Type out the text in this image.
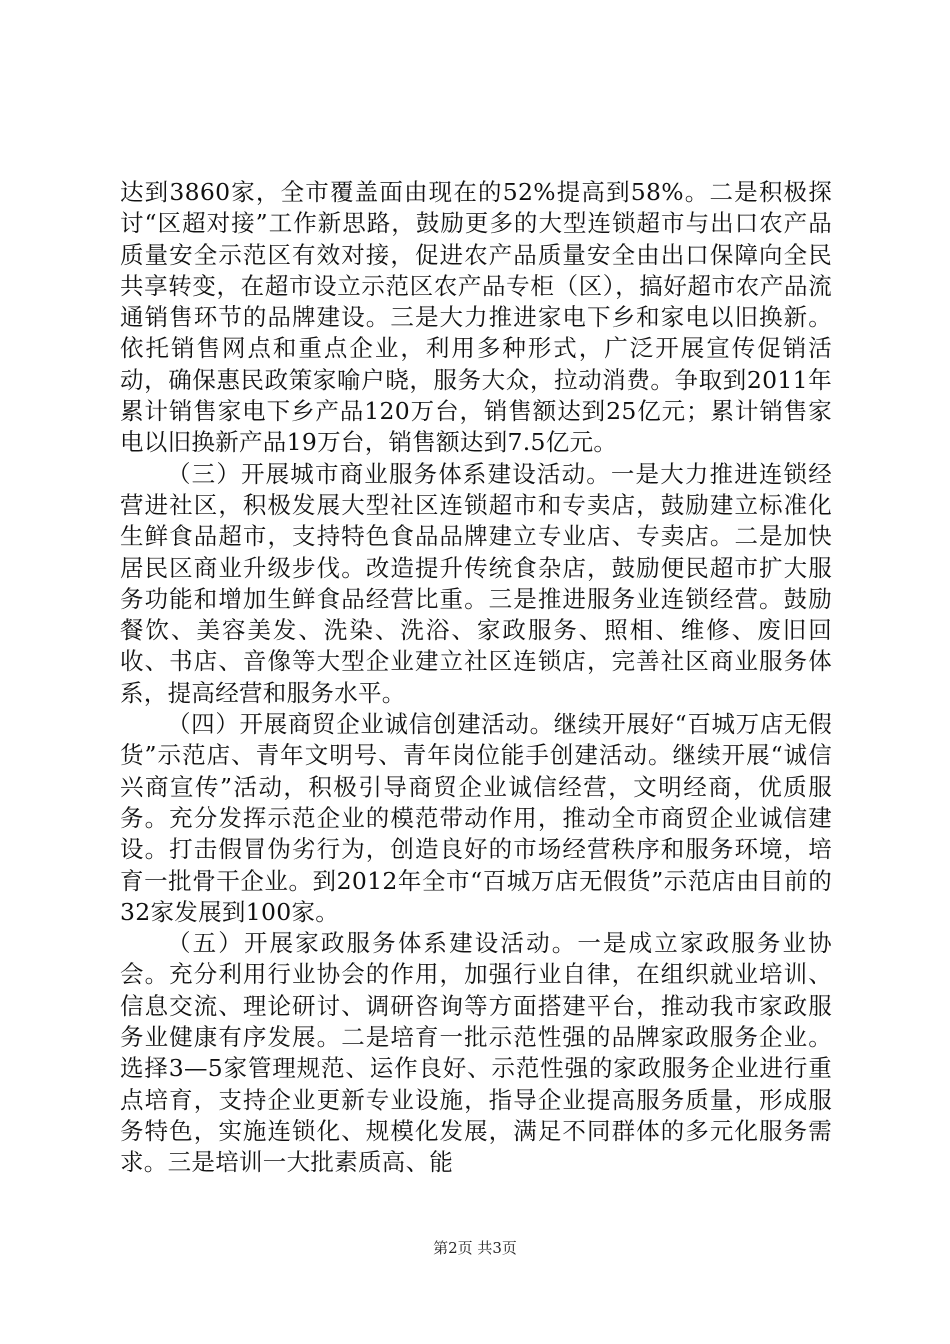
达到3860家，全市覆盖面由现在的52%提高到58%。二是积极探讨“区超对接”工作新思路，鼓励更多的大型连锁超市与出口农产品质量安全示范区有效对接，促进农产品质量安全由出口保障向全民共享转变，在超市设立示范区农产品专柜（区），搞好超市农产品流通销售环节的品牌建设。三是大力推进家电下乡和家电以旧换新。依托销售网点和重点企业，利用多种形式，广泛开展宣传促销活动，确保惠民政策家喻户晓，服务大众，拉动消费。争取到2011年累计销售家电下乡产品120万台，销售额达到25亿元；累计销售家电以旧换新产品19万台，销售额达到7.5亿元。

（三）开展城市商业服务体系建设活动。一是大力推进连锁经营进社区，积极发展大型社区连锁超市和专卖店，鼓励建立标准化生鲜食品超市，支持特色食品品牌建立专业店、专卖店。二是加快居民区商业升级步伐。改造提升传统食杂店，鼓励便民超市扩大服务功能和增加生鲜食品经营比重。三是推进服务业连锁经营。鼓励餐饮、美容美发、洗染、洗浴、家政服务、照相、维修、废旧回收、书店、音像等大型企业建立社区连锁店，完善社区商业服务体系，提高经营和服务水平。

（四）开展商贸企业诚信创建活动。继续开展好“百城万店无假货”示范店、青年文明号、青年岗位能手创建活动。继续开展“诚信兴商宣传”活动，积极引导商贸企业诚信经营，文明经商，优质服务。充分发挥示范企业的模范带动作用，推动全市商贸企业诚信建设。打击假冒伪劣行为，创造良好的市场经营秩序和服务环境，培育一批骨干企业。到2012年全市“百城万店无假货”示范店由目前的32家发展到100家。

（五）开展家政服务体系建设活动。一是成立家政服务业协会。充分利用行业协会的作用，加强行业自律，在组织就业培训、信息交流、理论研讨、调研咨询等方面搭建平台，推动我市家政服务业健康有序发展。二是培育一批示范性强的品牌家政服务企业。选择3—5家管理规范、运作良好、示范性强的家政服务企业进行重点培育，支持企业更新专业设施，指导企业提高服务质量，形成服务特色，实施连锁化、规模化发展，满足不同群体的多元化服务需求。三是培训一大批素质高、能

第2页 共3页
